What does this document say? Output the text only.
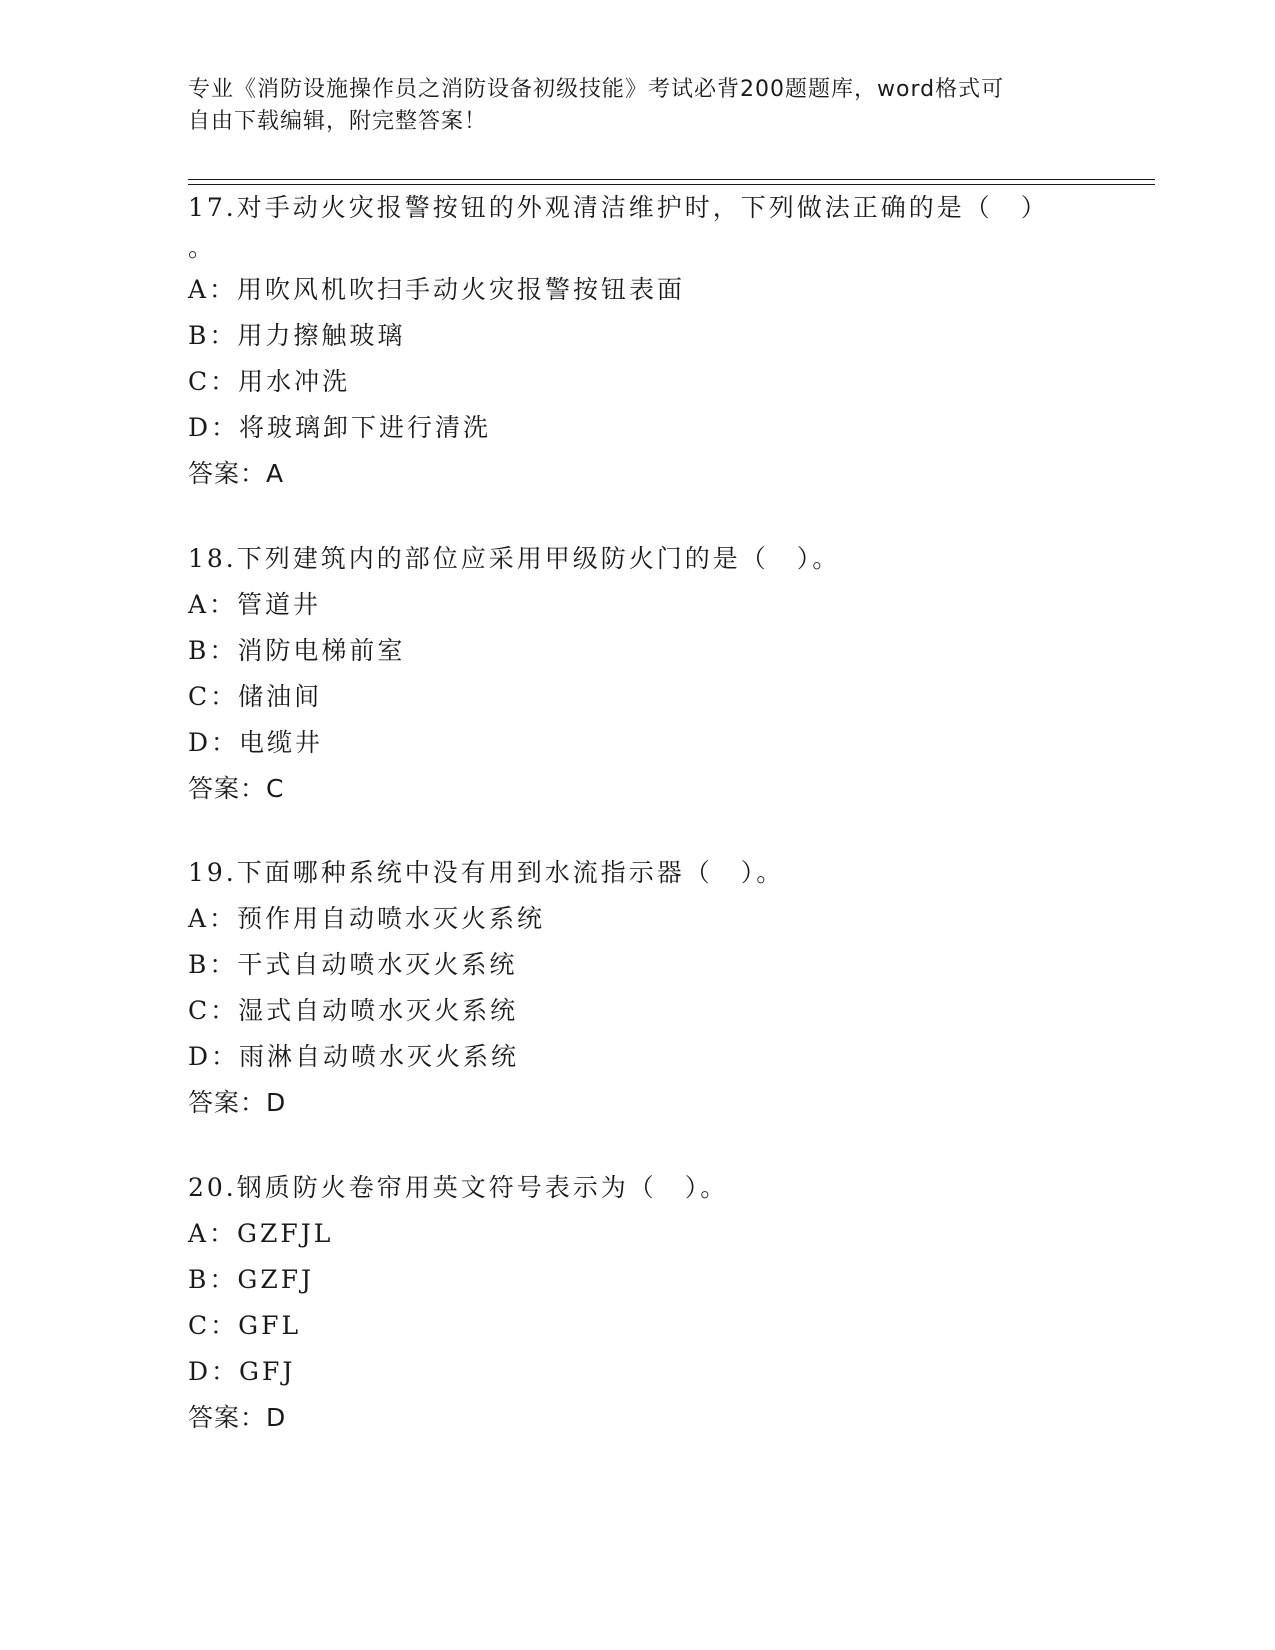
专业《消防设施操作员之消防设备初级技能》考试必背200题题库，word格式可
自由下载编辑，附完整答案！

17.对手动火灾报警按钮的外观清洁维护时，下列做法正确的是（　）

。

A：用吹风机吹扫手动火灾报警按钮表面

B：用力擦触玻璃

C：用水冲洗

D：将玻璃卸下进行清洗

答案：A

18.下列建筑内的部位应采用甲级防火门的是（　）。

A：管道井

B：消防电梯前室

C：储油间

D：电缆井

答案：C

19.下面哪种系统中没有用到水流指示器（　）。

A：预作用自动喷水灭火系统

B：干式自动喷水灭火系统

C：湿式自动喷水灭火系统

D：雨淋自动喷水灭火系统

答案：D

20.钢质防火卷帘用英文符号表示为（　）。

A：GZFJL

B：GZFJ

C：GFL

D：GFJ

答案：D
